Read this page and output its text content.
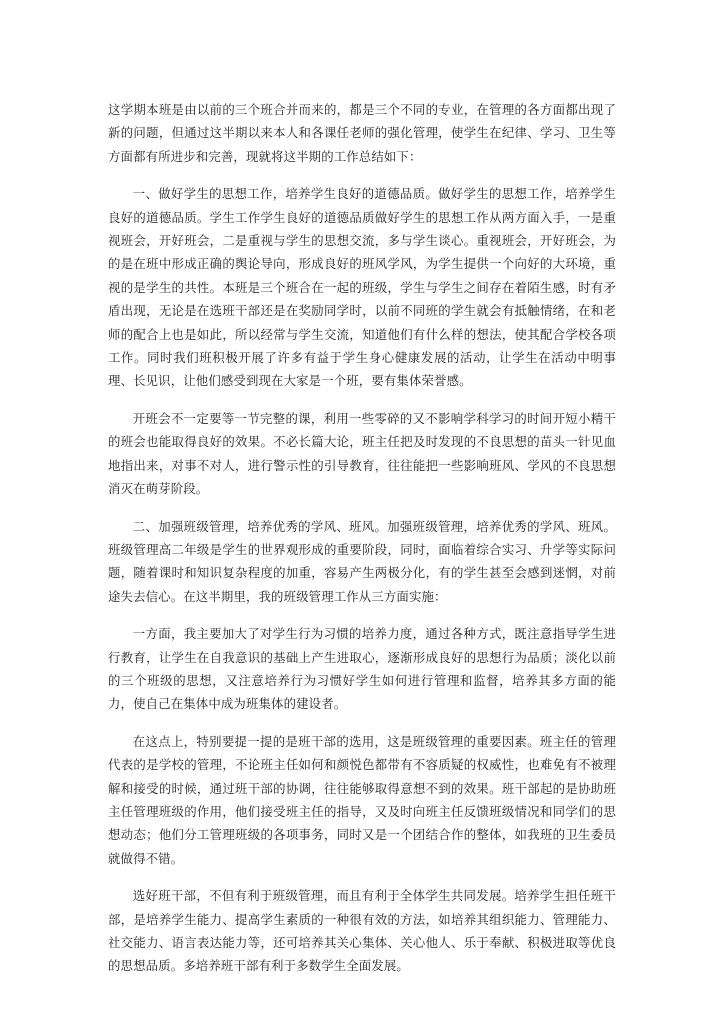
这学期本班是由以前的三个班合并而来的，都是三个不同的专业，在管理的各方面都出现了新的问题，但通过这半期以来本人和各课任老师的强化管理，使学生在纪律、学习、卫生等方面都有所进步和完善，现就将这半期的工作总结如下：

一、做好学生的思想工作，培养学生良好的道德品质。做好学生的思想工作，培养学生良好的道德品质。学生工作学生良好的道德品质做好学生的思想工作从两方面入手，一是重视班会，开好班会，二是重视与学生的思想交流，多与学生谈心。重视班会，开好班会，为的是在班中形成正确的舆论导向，形成良好的班风学风，为学生提供一个向好的大环境，重视的是学生的共性。本班是三个班合在一起的班级，学生与学生之间存在着陌生感，时有矛盾出现，无论是在选班干部还是在奖励同学时，以前不同班的学生就会有抵触情绪，在和老师的配合上也是如此，所以经常与学生交流，知道他们有什么样的想法，使其配合学校各项工作。同时我们班积极开展了许多有益于学生身心健康发展的活动，让学生在活动中明事理、长见识，让他们感受到现在大家是一个班，要有集体荣誉感。

开班会不一定要等一节完整的课，利用一些零碎的又不影响学科学习的时间开短小精干的班会也能取得良好的效果。不必长篇大论，班主任把及时发现的不良思想的苗头一针见血地指出来，对事不对人，进行警示性的引导教育，往往能把一些影响班风、学风的不良思想消灭在萌芽阶段。

二、加强班级管理，培养优秀的学风、班风。加强班级管理，培养优秀的学风、班风。班级管理高二年级是学生的世界观形成的重要阶段，同时，面临着综合实习、升学等实际问题，随着课时和知识复杂程度的加重，容易产生两极分化，有的学生甚至会感到迷惘，对前途失去信心。在这半期里，我的班级管理工作从三方面实施：

一方面，我主要加大了对学生行为习惯的培养力度，通过各种方式，既注意指导学生进行教育，让学生在自我意识的基础上产生进取心，逐渐形成良好的思想行为品质；淡化以前的三个班级的思想，又注意培养行为习惯好学生如何进行管理和监督，培养其多方面的能力，使自己在集体中成为班集体的建设者。

在这点上，特别要提一提的是班干部的选用，这是班级管理的重要因素。班主任的管理代表的是学校的管理，不论班主任如何和颜悦色都带有不容质疑的权威性，也难免有不被理解和接受的时候，通过班干部的协调，往往能够取得意想不到的效果。班干部起的是协助班主任管理班级的作用，他们接受班主任的指导，又及时向班主任反馈班级情况和同学们的思想动态；他们分工管理班级的各项事务，同时又是一个团结合作的整体，如我班的卫生委员就做得不错。

选好班干部，不但有利于班级管理，而且有利于全体学生共同发展。培养学生担任班干部，是培养学生能力、提高学生素质的一种很有效的方法，如培养其组织能力、管理能力、社交能力、语言表达能力等，还可培养其关心集体、关心他人、乐于奉献、积极进取等优良的思想品质。多培养班干部有利于多数学生全面发展。
